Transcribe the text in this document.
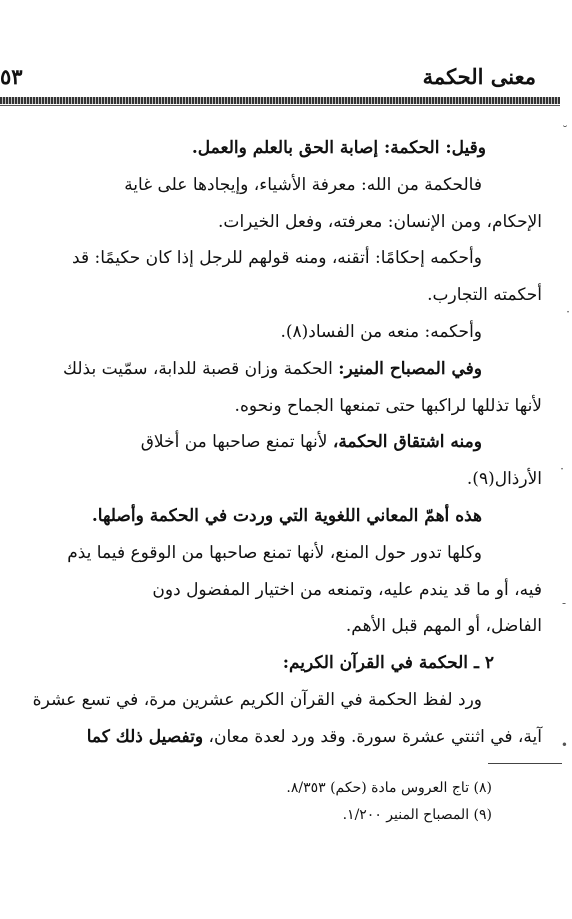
معنى الحكمة
٥٣
وقيل: الحكمة: إصابة الحق بالعلم والعمل.
فالحكمة من الله: معرفة الأشياء، وإيجادها على غاية
الإحكام، ومن الإنسان: معرفته، وفعل الخيرات.
وأحكمه إحكامًا: أتقنه، ومنه قولهم للرجل إذا كان حكيمًا: قد
أحكمته التجارب.
وأحكمه: منعه من الفساد(٨).
وفي المصباح المنير: الحكمة وزان قصبة للدابة، سمّيت بذلك
لأنها تذللها لراكبها حتى تمنعها الجماح ونحوه.
ومنه اشتقاق الحكمة، لأنها تمنع صاحبها من أخلاق
الأرذال(٩).
هذه أهمّ المعاني اللغوية التي وردت في الحكمة وأصلها.
وكلها تدور حول المنع، لأنها تمنع صاحبها من الوقوع فيما يذم
فيه، أو ما قد يندم عليه، وتمنعه من اختيار المفضول دون
الفاضل، أو المهم قبل الأهم.
٢ ـ الحكمة في القرآن الكريم:
ورد لفظ الحكمة في القرآن الكريم عشرين مرة، في تسع عشرة
آية، في اثنتي عشرة سورة. وقد ورد لعدة معان، وتفصيل ذلك كما
(٨) تاج العروس مادة (حكم) ٨/٣٥٣.
(٩) المصباح المنير ١/٢٠٠.
˘
·
·
-
•
